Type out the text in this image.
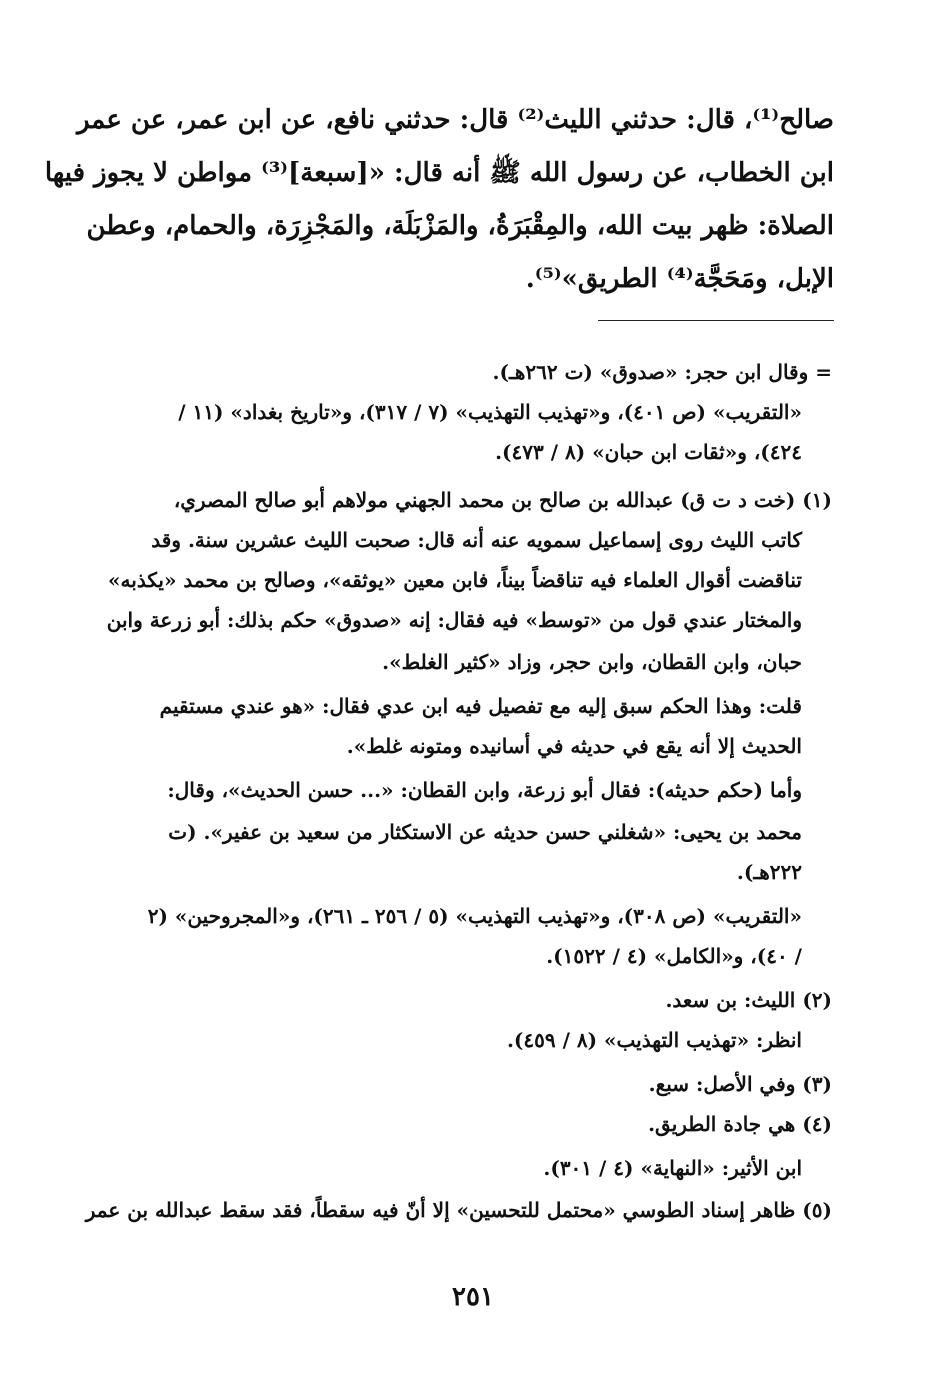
صالح⁽¹⁾، قال: حدثني الليث⁽²⁾ قال: حدثني نافع، عن ابن عمر، عن عمر
ابن الخطاب، عن رسول الله ﷺ أنه قال: «[سبعة]⁽³⁾ مواطن لا يجوز فيها
الصلاة: ظهر بيت الله، والمِقْبَرَةُ، والمَزْبَلَة، والمَجْزِرَة، والحمام، وعطن
الإبل، ومَحَجَّة⁽⁴⁾ الطريق»⁽⁵⁾.
= وقال ابن حجر: «صدوق» (ت ٢٦٢هـ).
«التقريب» (ص ٤٠١)، و«تهذيب التهذيب» (٧ / ٣١٧)، و«تاريخ بغداد» (١١ /
٤٢٤)، و«ثقات ابن حبان» (٨ / ٤٧٣).
(١) (خت د ت ق) عبدالله بن صالح بن محمد الجهني مولاهم أبو صالح المصري،
كاتب الليث روى إسماعيل سمويه عنه أنه قال: صحبت الليث عشرين سنة. وقد
تناقضت أقوال العلماء فيه تناقضاً بيناً، فابن معين «يوثقه»، وصالح بن محمد «يكذبه»
والمختار عندي قول من «توسط» فيه فقال: إنه «صدوق» حكم بذلك: أبو زرعة وابن
حبان، وابن القطان، وابن حجر، وزاد «كثير الغلط».
قلت: وهذا الحكم سبق إليه مع تفصيل فيه ابن عدي فقال: «هو عندي مستقيم
الحديث إلا أنه يقع في حديثه في أسانيده ومتونه غلط».
وأما (حكم حديثه): فقال أبو زرعة، وابن القطان: «... حسن الحديث»، وقال:
محمد بن يحيى: «شغلني حسن حديثه عن الاستكثار من سعيد بن عفير». (ت
٢٢٢هـ).
«التقريب» (ص ٣٠٨)، و«تهذيب التهذيب» (٥ / ٢٥٦ ـ ٢٦١)، و«المجروحين» (٢
/ ٤٠)، و«الكامل» (٤ / ١٥٢٢).
(٢) الليث: بن سعد.
انظر: «تهذيب التهذيب» (٨ / ٤٥٩).
(٣) وفي الأصل: سبع.
(٤) هي جادة الطريق.
ابن الأثير: «النهاية» (٤ / ٣٠١).
(٥) ظاهر إسناد الطوسي «محتمل للتحسين» إلا أنّ فيه سقطاً، فقد سقط عبدالله بن عمر
٢٥١
